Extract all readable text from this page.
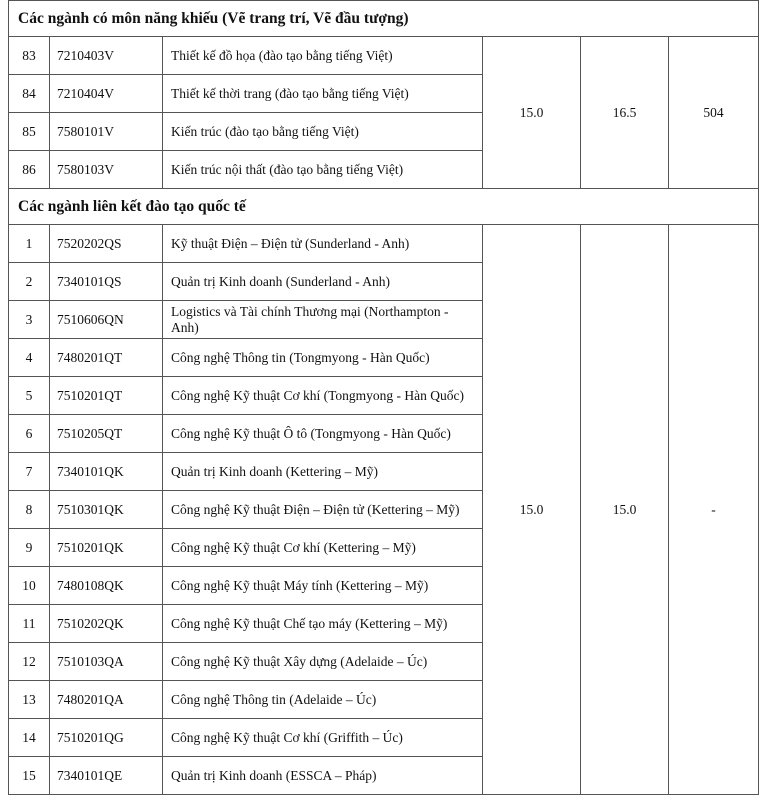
Các ngành có môn năng khiếu (Vẽ trang trí, Vẽ đầu tượng)					
83	7210403V	Thiết kế đồ họa (đào tạo bằng tiếng Việt)	15.0	16.5	504
84	7210404V	Thiết kế thời trang (đào tạo bằng tiếng Việt)			
85	7580101V	Kiến trúc (đào tạo bằng tiếng Việt)			
86	7580103V	Kiến trúc nội thất (đào tạo bằng tiếng Việt)			
Các ngành liên kết đào tạo quốc tế					
1	7520202QS	Kỹ thuật Điện – Điện tử (Sunderland - Anh)	15.0	15.0	-
2	7340101QS	Quản trị Kinh doanh (Sunderland - Anh)			
3	7510606QN	Logistics và Tài chính Thương mại (Northampton - Anh)			
4	7480201QT	Công nghệ Thông tin (Tongmyong - Hàn Quốc)			
5	7510201QT	Công nghệ Kỹ thuật Cơ khí (Tongmyong - Hàn Quốc)			
6	7510205QT	Công nghệ Kỹ thuật Ô tô (Tongmyong - Hàn Quốc)			
7	7340101QK	Quản trị Kinh doanh (Kettering – Mỹ)			
8	7510301QK	Công nghệ Kỹ thuật Điện – Điện tử (Kettering – Mỹ)			
9	7510201QK	Công nghệ Kỹ thuật Cơ khí (Kettering – Mỹ)			
10	7480108QK	Công nghệ Kỹ thuật Máy tính (Kettering – Mỹ)			
11	7510202QK	Công nghệ Kỹ thuật Chế tạo máy (Kettering – Mỹ)			
12	7510103QA	Công nghệ Kỹ thuật Xây dựng (Adelaide – Úc)			
13	7480201QA	Công nghệ Thông tin (Adelaide – Úc)			
14	7510201QG	Công nghệ Kỹ thuật Cơ khí (Griffith – Úc)			
15	7340101QE	Quản trị Kinh doanh (ESSCA – Pháp)			
